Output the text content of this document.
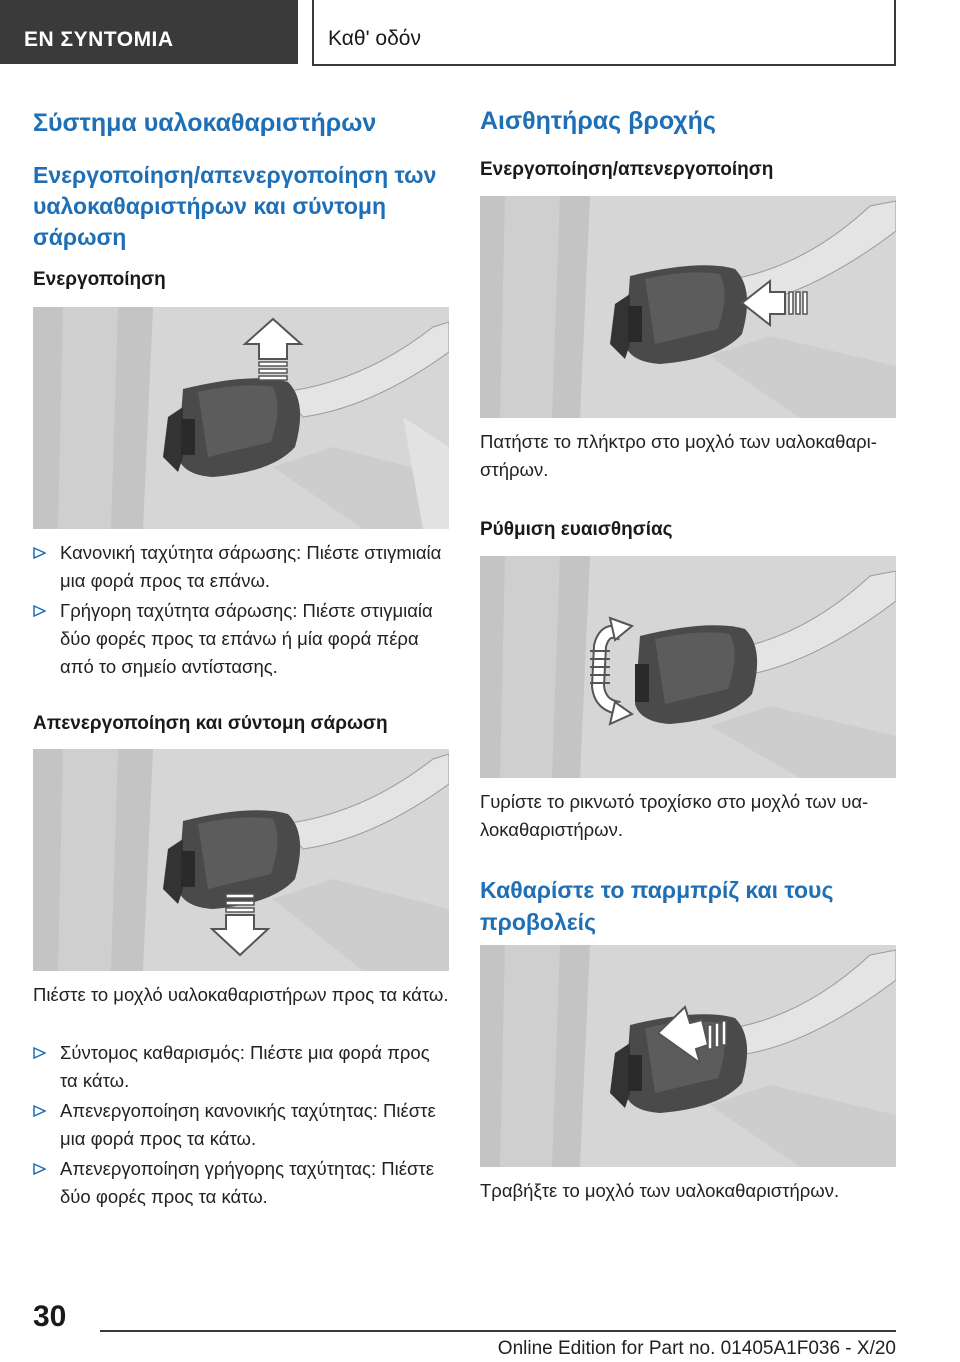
ΕΝ ΣΥΝΤΟΜΙΑ	Καθ' οδόν
Σύστημα υαλοκαθαριστήρων
Ενεργοποίηση/απενεργοποίηση των υαλοκαθαριστήρων και σύντομη σάρωση
Ενεργοποίηση
Κανονική ταχύτητα σάρωσης: Πιέστε στιγmιαία μια φορά προς τα επάνω.
Γρήγορη ταχύτητα σάρωσης: Πιέστε στιγμιαία δύο φορές προς τα επάνω ή μία φορά πέρα από το σημείο αντίστασης.
Απενεργοποίηση και σύντομη σάρωση
Πιέστε το μοχλό υαλοκαθαριστήρων προς τα κάτω.
Σύντομος καθαρισμός: Πιέστε μια φορά προς τα κάτω.
Απενεργοποίηση κανονικής ταχύτητας: Πιέστε μια φορά προς τα κάτω.
Απενεργοποίηση γρήγορης ταχύτητας: Πιέστε δύο φορές προς τα κάτω.
Αισθητήρας βροχής
Ενεργοποίηση/απενεργοποίηση
Πατήστε το πλήκτρο στο μοχλό των υαλοκαθαριστήρων.
Ρύθμιση ευαισθησίας
Γυρίστε το ρικνωτό τροχίσκο στο μοχλό των υαλοκαθαριστήρων.
Καθαρίστε το παρμπρίζ και τους προβολείς
Τραβήξτε το μοχλό των υαλοκαθαριστήρων.
30
Online Edition for Part no. 01405A1F036 - X/20
